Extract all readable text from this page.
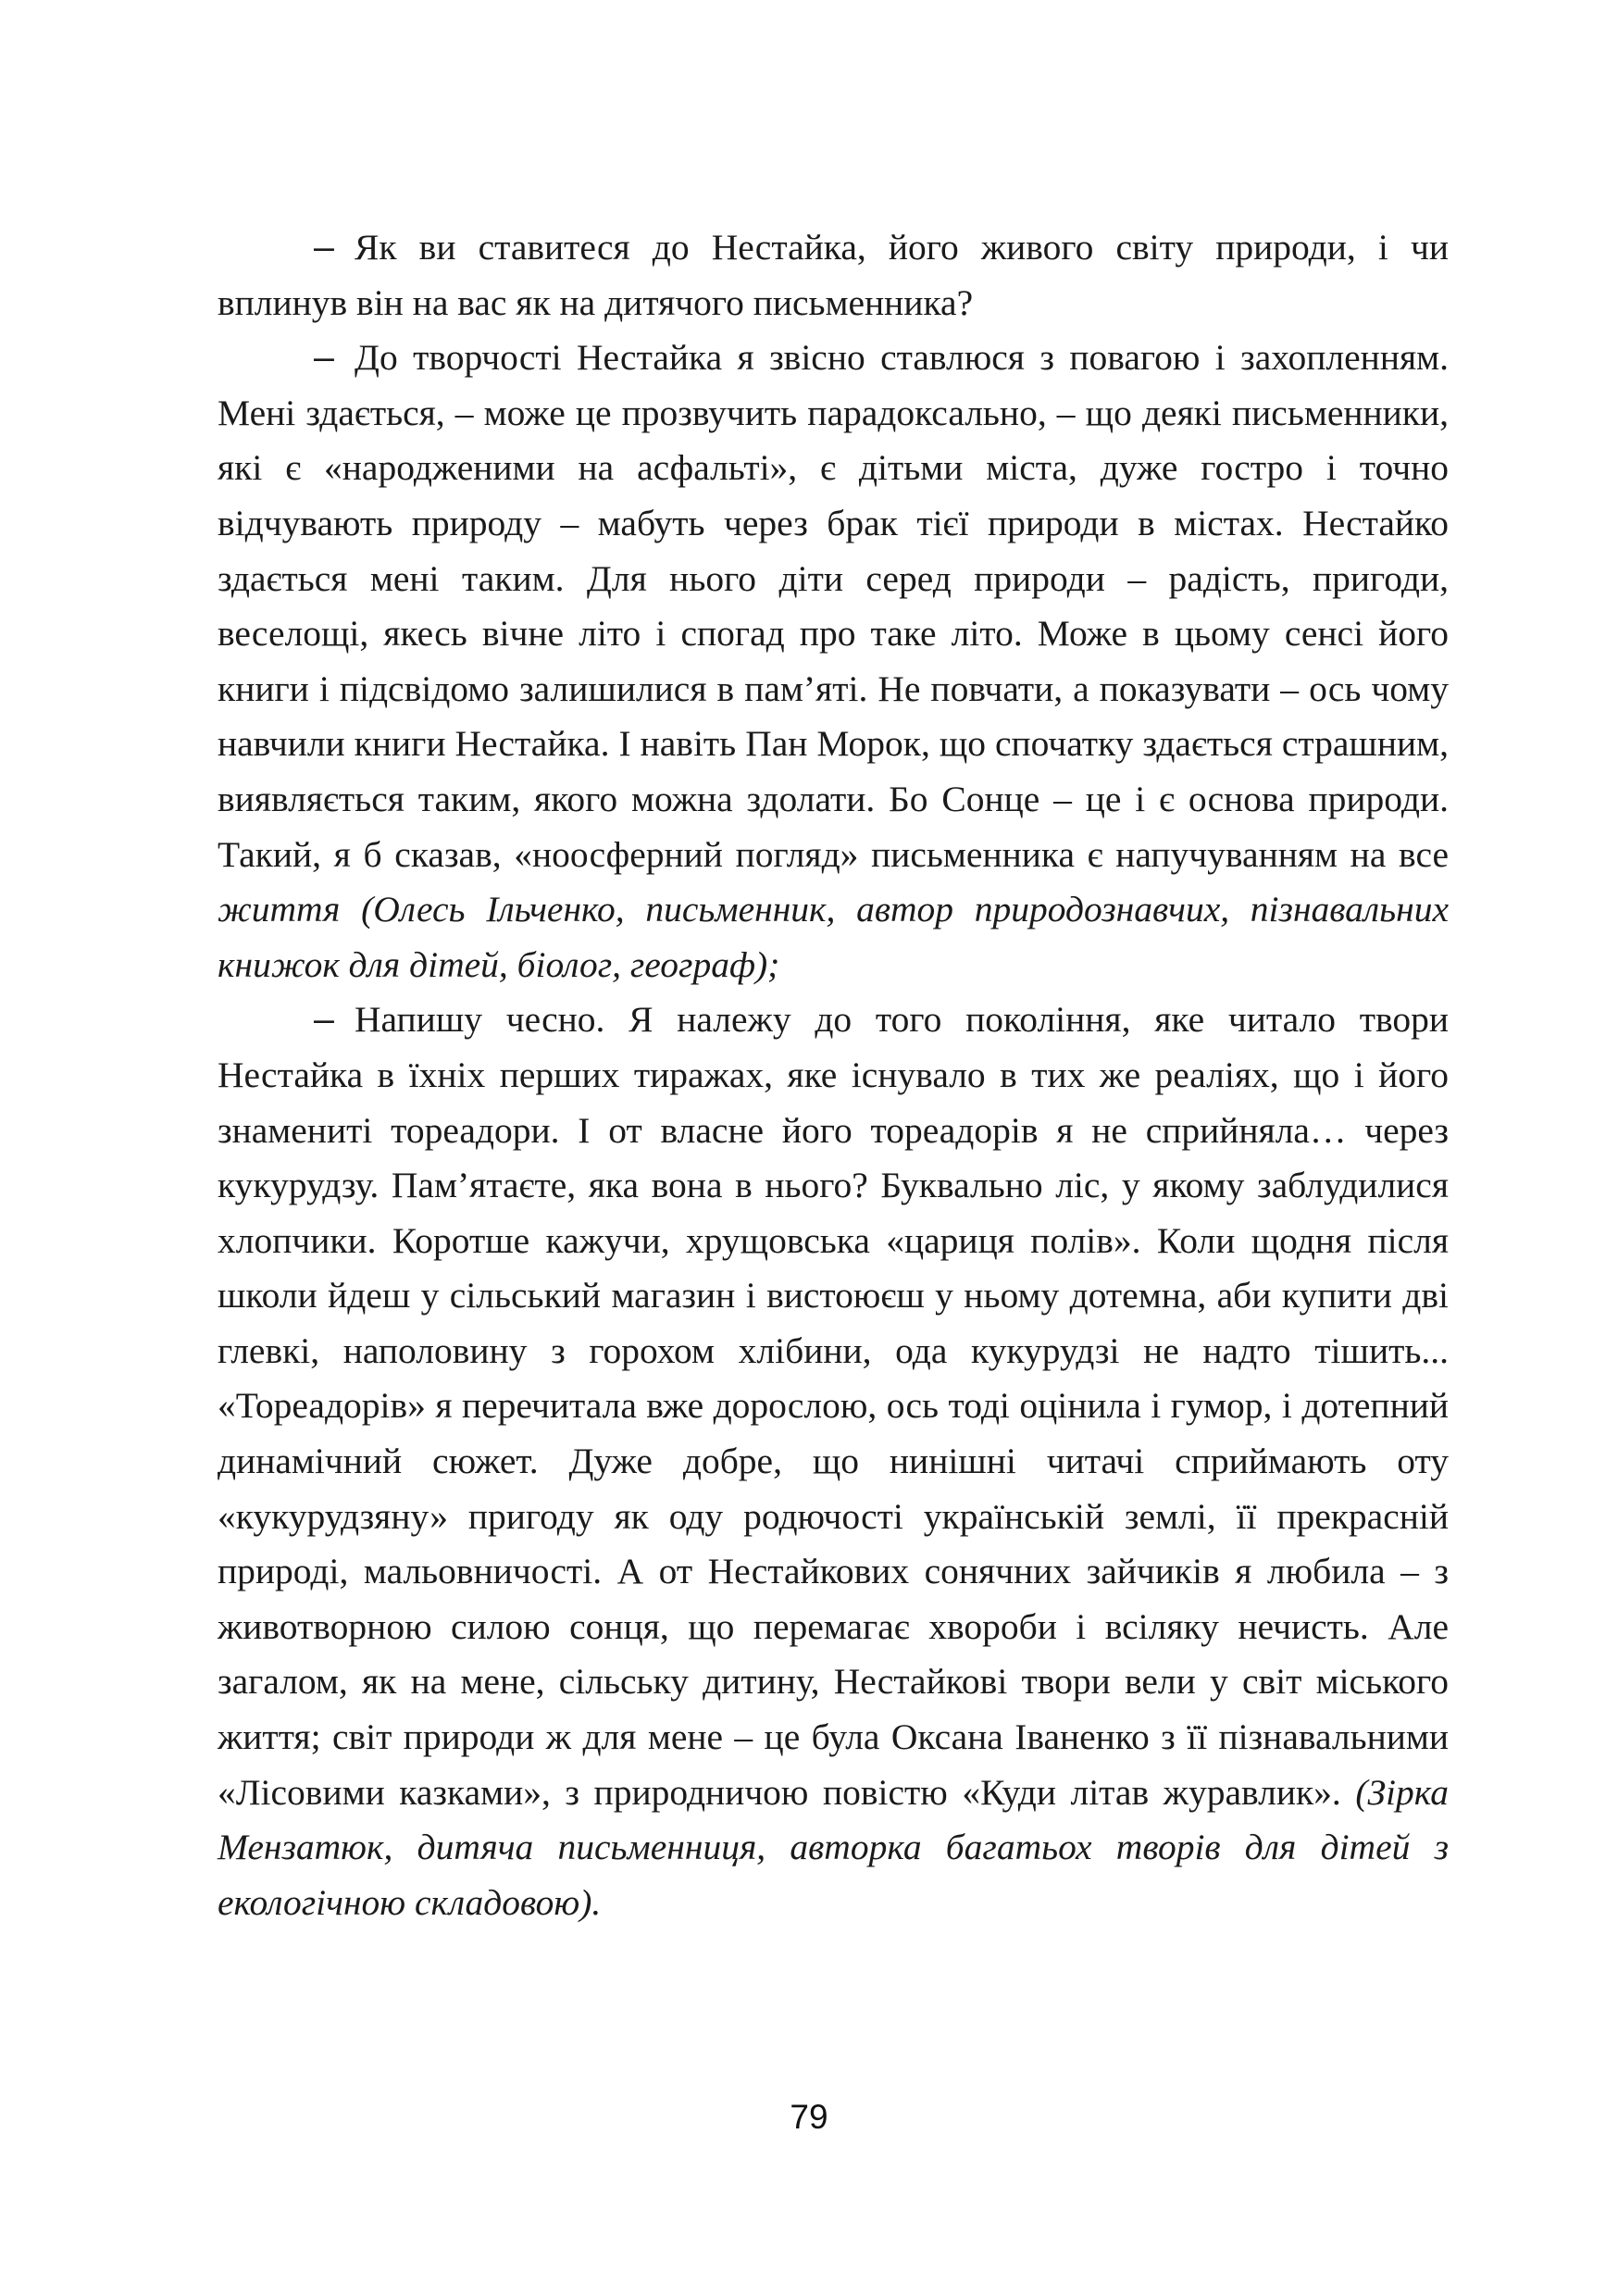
– Як ви ставитеся до Нестайка, його живого світу природи, і чи вплинув він на вас як на дитячого письменника?

– До творчості Нестайка я звісно ставлюся з повагою і захопленням. Мені здається, – може це прозвучить парадоксально, – що деякі письменники, які є «народженими на асфальті», є дітьми міста, дуже гостро і точно відчувають природу – мабуть через брак тієї природи в містах. Нестайко здається мені таким. Для нього діти серед природи – радість, пригоди, веселощі, якесь вічне літо і спогад про таке літо. Може в цьому сенсі його книги і підсвідомо залишилися в пам’яті. Не повчати, а показувати – ось чому навчили книги Нестайка. І навіть Пан Морок, що спочатку здається страшним, виявляється таким, якого можна здолати. Бо Сонце – це і є основа природи. Такий, я б сказав, «ноосферний погляд» письменника є напучуванням на все життя (Олесь Ільченко, письменник, автор природознавчих, пізнавальних книжок для дітей, біолог, географ);

– Напишу чесно. Я належу до того покоління, яке читало твори Нестайка в їхніх перших тиражах, яке існувало в тих же реаліях, що і його знамениті тореадори. І от власне його тореадорів я не сприйняла… через кукурудзу. Пам’ятаєте, яка вона в нього? Буквально ліс, у якому заблудилися хлопчики. Коротше кажучи, хрущовська «цариця полів». Коли щодня після школи йдеш у сільський магазин і вистоюєш у ньому дотемна, аби купити дві глевкі, наполовину з горохом хлібини, ода кукурудзі не надто тішить... «Тореадорів» я перечитала вже дорослою, ось тоді оцінила і гумор, і дотепний динамічний сюжет. Дуже добре, що нинішні читачі сприймають оту «кукурудзяну» пригоду як оду родючості українській землі, її прекрасній природі, мальовничості. А от Нестайкових сонячних зайчиків я любила – з животворною силою сонця, що перемагає хвороби і всіляку нечисть. Але загалом, як на мене, сільську дитину, Нестайкові твори вели у світ міського життя; світ природи ж для мене – це була Оксана Іваненко з її пізнавальними «Лісовими казками», з природничою повістю «Куди літав журавлик». (Зірка Мензатюк, дитяча письменниця, авторка багатьох творів для дітей з екологічною складовою).

79
